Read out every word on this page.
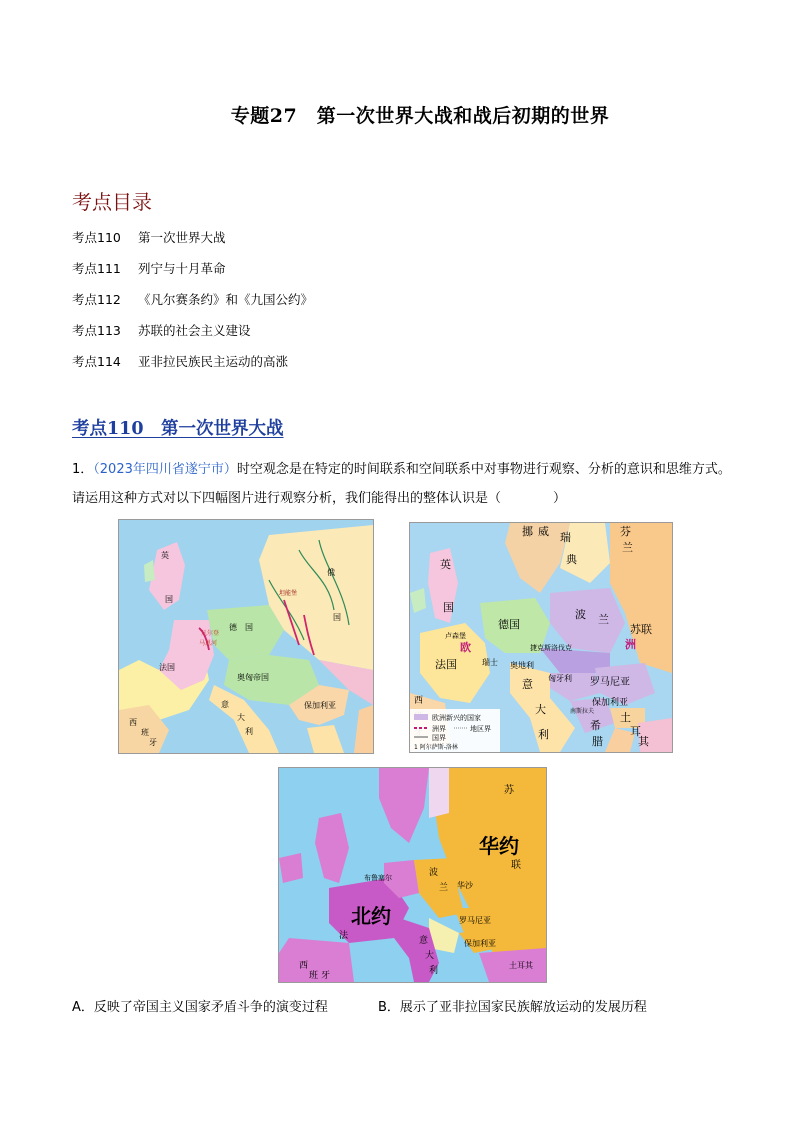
专题27　第一次世界大战和战后初期的世界
考点目录
考点110 第一次世界大战
考点111 列宁与十月革命
考点112 《凡尔赛条约》和《九国公约》
考点113 苏联的社会主义建设
考点114 亚非拉民族民主运动的高涨
考点110　第一次世界大战
1．（2023年四川省遂宁市）时空观念是在特定的时间联系和空间联系中对事物进行观察、分析的意识和思维方式。请运用这种方式对以下四幅图片进行观察分析，我们能得出的整体认识是（　　　　）
英
国
法国
德 国
奥匈帝国
意
大
利
俄
国
保加利亚
马恩河
凡尔登
坦能堡
西
班
牙
挪 威 瑞
典

芬
兰
英
国
苏联
德国
波 兰
洲
法国
欧
卢森堡
瑞士
捷克斯洛伐克
奥地利
匈牙利 罗马尼亚
意
大
利
保加利亚
希
腊
土
耳
其
西
南斯拉夫
欧洲新兴的国家
洲界	地区界
国界
1 阿尔萨斯-洛林
苏
华约
联
北约
布鲁塞尔	波
兰 华沙
罗马尼亚
保加利亚
西
班 牙
意
大
利
土耳其
法
A．反映了帝国主义国家矛盾斗争的演变过程	B．展示了亚非拉国家民族解放运动的发展历程
